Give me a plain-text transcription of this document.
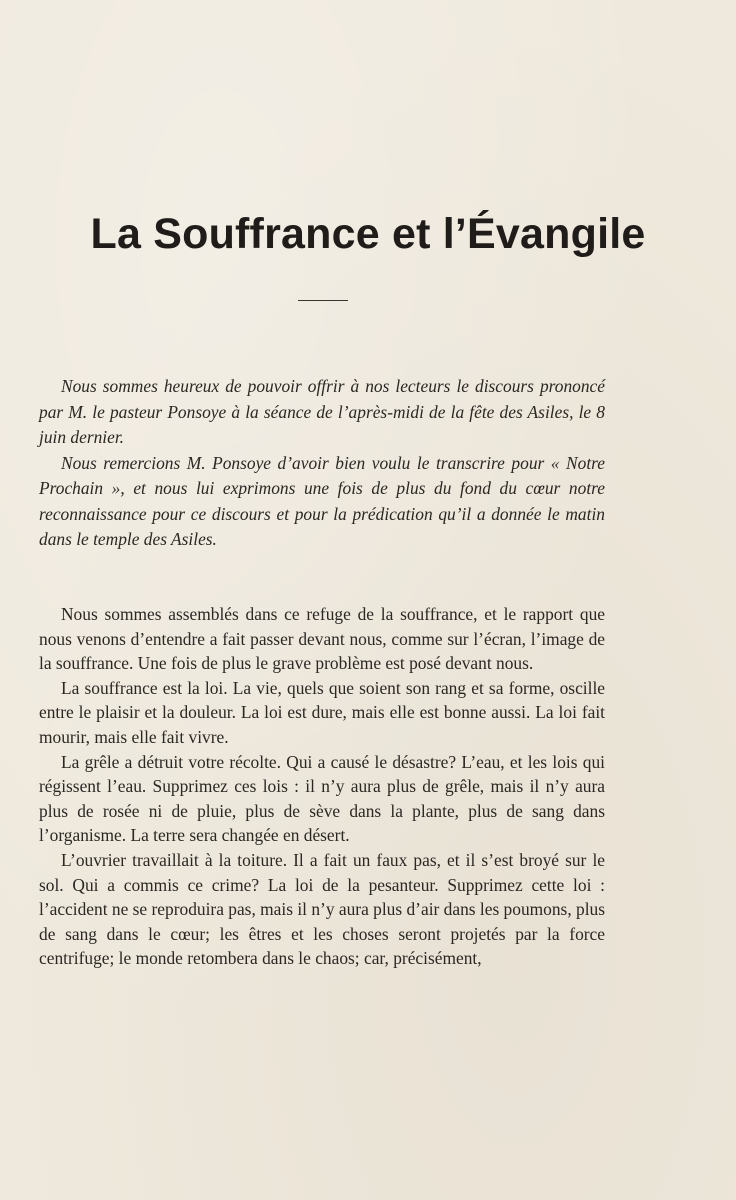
La Souffrance et l’Évangile

Nous sommes heureux de pouvoir offrir à nos lecteurs le discours prononcé par M. le pasteur Ponsoye à la séance de l’après-midi de la fête des Asiles, le 8 juin dernier.

Nous remercions M. Ponsoye d’avoir bien voulu le transcrire pour « Notre Prochain », et nous lui exprimons une fois de plus du fond du cœur notre reconnaissance pour ce discours et pour la prédication qu’il a donnée le matin dans le temple des Asiles.

Nous sommes assemblés dans ce refuge de la souffrance, et le rapport que nous venons d’entendre a fait passer devant nous, comme sur l’écran, l’image de la souffrance. Une fois de plus le grave problème est posé devant nous.

La souffrance est la loi. La vie, quels que soient son rang et sa forme, oscille entre le plaisir et la douleur. La loi est dure, mais elle est bonne aussi. La loi fait mourir, mais elle fait vivre.

La grêle a détruit votre récolte. Qui a causé le désastre? L’eau, et les lois qui régissent l’eau. Supprimez ces lois : il n’y aura plus de grêle, mais il n’y aura plus de rosée ni de pluie, plus de sève dans la plante, plus de sang dans l’organisme. La terre sera changée en désert.

L’ouvrier travaillait à la toiture. Il a fait un faux pas, et il s’est broyé sur le sol. Qui a commis ce crime? La loi de la pesanteur. Supprimez cette loi : l’accident ne se reproduira pas, mais il n’y aura plus d’air dans les poumons, plus de sang dans le cœur; les êtres et les choses seront projetés par la force centrifuge; le monde retombera dans le chaos; car, précisément,
